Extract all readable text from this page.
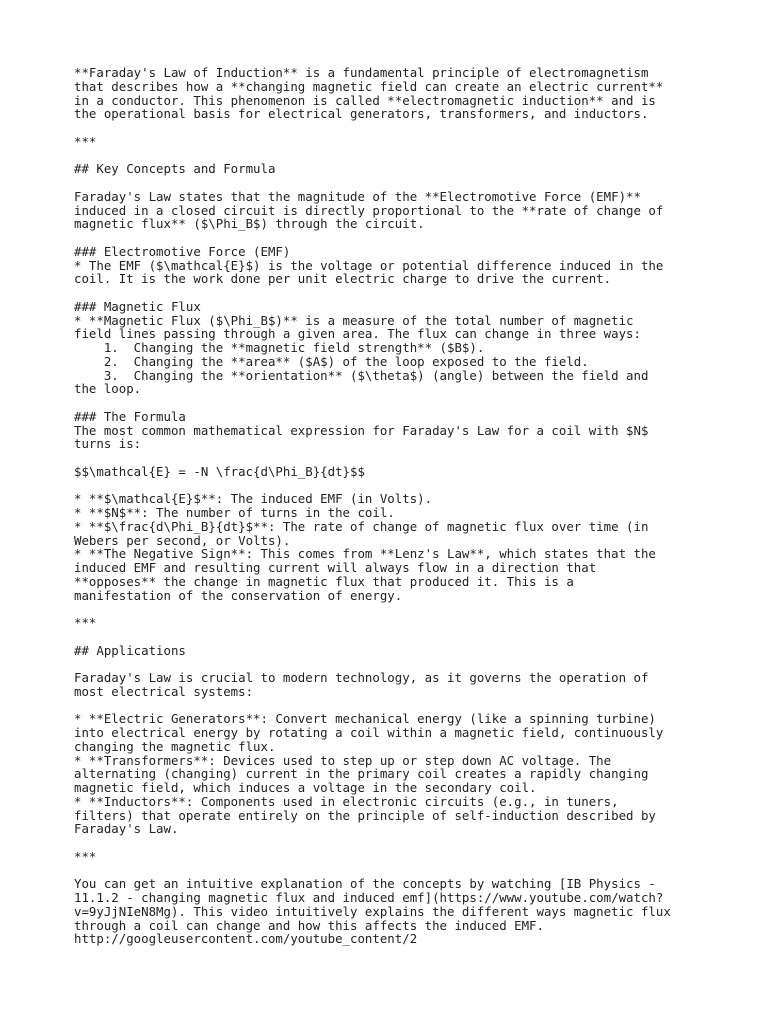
**Faraday's Law of Induction** is a fundamental principle of electromagnetism
that describes how a **changing magnetic field can create an electric current**
in a conductor. This phenomenon is called **electromagnetic induction** and is
the operational basis for electrical generators, transformers, and inductors.

***

## Key Concepts and Formula

Faraday's Law states that the magnitude of the **Electromotive Force (EMF)**
induced in a closed circuit is directly proportional to the **rate of change of
magnetic flux** ($\Phi_B$) through the circuit.

### Electromotive Force (EMF)
* The EMF ($\mathcal{E}$) is the voltage or potential difference induced in the
coil. It is the work done per unit electric charge to drive the current.

### Magnetic Flux
* **Magnetic Flux ($\Phi_B$)** is a measure of the total number of magnetic
field lines passing through a given area. The flux can change in three ways:
1.  Changing the **magnetic field strength** ($B$).
2.  Changing the **area** ($A$) of the loop exposed to the field.
3.  Changing the **orientation** ($\theta$) (angle) between the field and
the loop.

### The Formula
The most common mathematical expression for Faraday's Law for a coil with $N$
turns is:

$$\mathcal{E} = -N \frac{d\Phi_B}{dt}$$

* **$\mathcal{E}$**: The induced EMF (in Volts).
* **$N$**: The number of turns in the coil.
* **$\frac{d\Phi_B}{dt}$**: The rate of change of magnetic flux over time (in
Webers per second, or Volts).
* **The Negative Sign**: This comes from **Lenz's Law**, which states that the
induced EMF and resulting current will always flow in a direction that
**opposes** the change in magnetic flux that produced it. This is a
manifestation of the conservation of energy.

***

## Applications

Faraday's Law is crucial to modern technology, as it governs the operation of
most electrical systems:

* **Electric Generators**: Convert mechanical energy (like a spinning turbine)
into electrical energy by rotating a coil within a magnetic field, continuously
changing the magnetic flux.
* **Transformers**: Devices used to step up or step down AC voltage. The
alternating (changing) current in the primary coil creates a rapidly changing
magnetic field, which induces a voltage in the secondary coil.
* **Inductors**: Components used in electronic circuits (e.g., in tuners,
filters) that operate entirely on the principle of self-induction described by
Faraday's Law.

***

You can get an intuitive explanation of the concepts by watching [IB Physics -
11.1.2 - changing magnetic flux and induced emf](https://www.youtube.com/watch?
v=9yJjNIeN8Mg). This video intuitively explains the different ways magnetic flux
through a coil can change and how this affects the induced EMF.
http://googleusercontent.com/youtube_content/2
